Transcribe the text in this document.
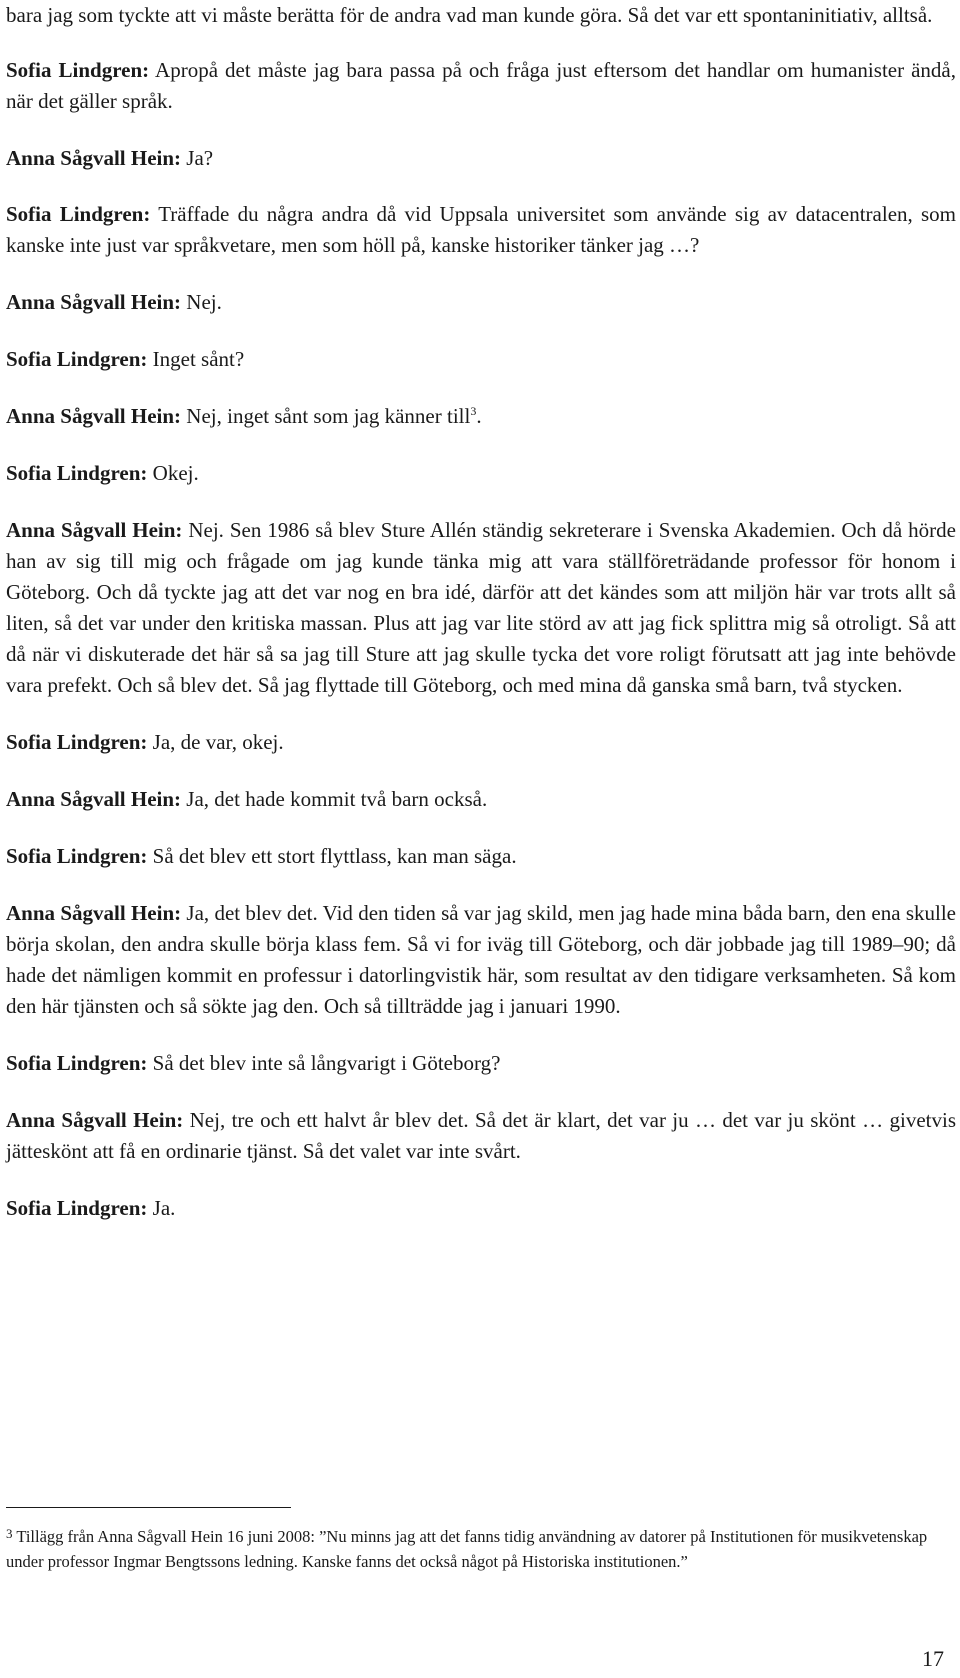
bara jag som tyckte att vi måste berätta för de andra vad man kunde göra. Så det var ett spontaninitiativ, alltså.

Sofia Lindgren: Apropå det måste jag bara passa på och fråga just eftersom det handlar om humanister ändå, när det gäller språk.

Anna Sågvall Hein: Ja?

Sofia Lindgren: Träffade du några andra då vid Uppsala universitet som använde sig av datacentralen, som kanske inte just var språkvetare, men som höll på, kanske historiker tänker jag …?

Anna Sågvall Hein: Nej.

Sofia Lindgren: Inget sånt?

Anna Sågvall Hein: Nej, inget sånt som jag känner till$^3$.

Sofia Lindgren: Okej.

Anna Sågvall Hein: Nej. Sen 1986 så blev Sture Allén ständig sekreterare i Svenska Akademien. Och då hörde han av sig till mig och frågade om jag kunde tänka mig att vara ställföreträdande professor för honom i Göteborg. Och då tyckte jag att det var nog en bra idé, därför att det kändes som att miljön här var trots allt så liten, så det var under den kritiska massan. Plus att jag var lite störd av att jag fick splittra mig så otroligt. Så att då när vi diskuterade det här så sa jag till Sture att jag skulle tycka det vore roligt förutsatt att jag inte behövde vara prefekt. Och så blev det. Så jag flyttade till Göteborg, och med mina då ganska små barn, två stycken.

Sofia Lindgren: Ja, de var, okej.

Anna Sågvall Hein: Ja, det hade kommit två barn också.

Sofia Lindgren: Så det blev ett stort flyttlass, kan man säga.

Anna Sågvall Hein: Ja, det blev det. Vid den tiden så var jag skild, men jag hade mina båda barn, den ena skulle börja skolan, den andra skulle börja klass fem. Så vi for iväg till Göteborg, och där jobbade jag till 1989–90; då hade det nämligen kommit en professur i datorlingvistik här, som resultat av den tidigare verksamheten. Så kom den här tjänsten och så sökte jag den. Och så tillträdde jag i januari 1990.

Sofia Lindgren: Så det blev inte så långvarigt i Göteborg?

Anna Sågvall Hein: Nej, tre och ett halvt år blev det. Så det är klart, det var ju … det var ju skönt … givetvis jätteskönt att få en ordinarie tjänst. Så det valet var inte svårt.

Sofia Lindgren: Ja.

$^3$ Tillägg från Anna Sågvall Hein 16 juni 2008: ”Nu minns jag att det fanns tidig användning av datorer på Institutionen för musikvetenskap under professor Ingmar Bengtssons ledning. Kanske fanns det också något på Historiska institutionen.”

17
